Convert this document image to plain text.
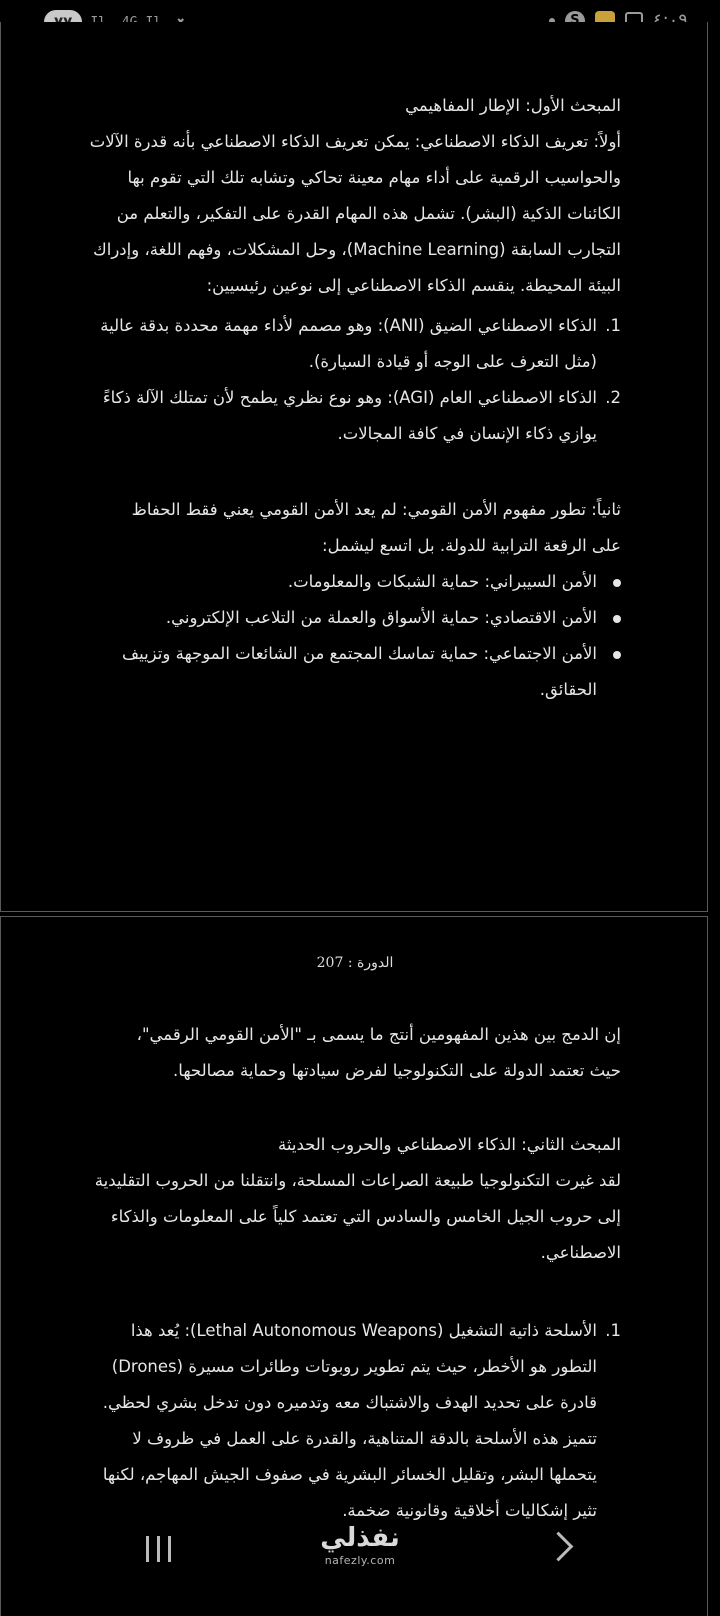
S	٤:٠٩
المبحث الأول: الإطار المفاهيمي
أولاً: تعريف الذكاء الاصطناعي: يمكن تعريف الذكاء الاصطناعي بأنه قدرة الآلات والحواسيب الرقمية على أداء مهام معينة تحاكي وتشابه تلك التي تقوم بها الكائنات الذكية (البشر). تشمل هذه المهام القدرة على التفكير، والتعلم من التجارب السابقة (Machine Learning)، وحل المشكلات، وفهم اللغة، وإدراك البيئة المحيطة. ينقسم الذكاء الاصطناعي إلى نوعين رئيسيين:
1.
الذكاء الاصطناعي الضيق (ANI): وهو مصمم لأداء مهمة محددة بدقة عالية (مثل التعرف على الوجه أو قيادة السيارة).
2.
الذكاء الاصطناعي العام (AGI): وهو نوع نظري يطمح لأن تمتلك الآلة ذكاءً يوازي ذكاء الإنسان في كافة المجالات.
ثانياً: تطور مفهوم الأمن القومي: لم يعد الأمن القومي يعني فقط الحفاظ على الرقعة الترابية للدولة. بل اتسع ليشمل:
الأمن السيبراني: حماية الشبكات والمعلومات.
الأمن الاقتصادي: حماية الأسواق والعملة من التلاعب الإلكتروني.
الأمن الاجتماعي: حماية تماسك المجتمع من الشائعات الموجهة وتزييف الحقائق.
الدورة : 207
إن الدمج بين هذين المفهومين أنتج ما يسمى بـ "الأمن القومي الرقمي"، حيث تعتمد الدولة على التكنولوجيا لفرض سيادتها وحماية مصالحها.
المبحث الثاني: الذكاء الاصطناعي والحروب الحديثة
لقد غيرت التكنولوجيا طبيعة الصراعات المسلحة، وانتقلنا من الحروب التقليدية إلى حروب الجيل الخامس والسادس التي تعتمد كلياً على المعلومات والذكاء الاصطناعي.
1.
الأسلحة ذاتية التشغيل (Lethal Autonomous Weapons): يُعد هذا التطور هو الأخطر، حيث يتم تطوير روبوتات وطائرات مسيرة (Drones) قادرة على تحديد الهدف والاشتباك معه وتدميره دون تدخل بشري لحظي. تتميز هذه الأسلحة بالدقة المتناهية، والقدرة على العمل في ظروف لا يتحملها البشر، وتقليل الخسائر البشرية في صفوف الجيش المهاجم، لكنها تثير إشكاليات أخلاقية وقانونية ضخمة.
نفذلي
nafezly.com
